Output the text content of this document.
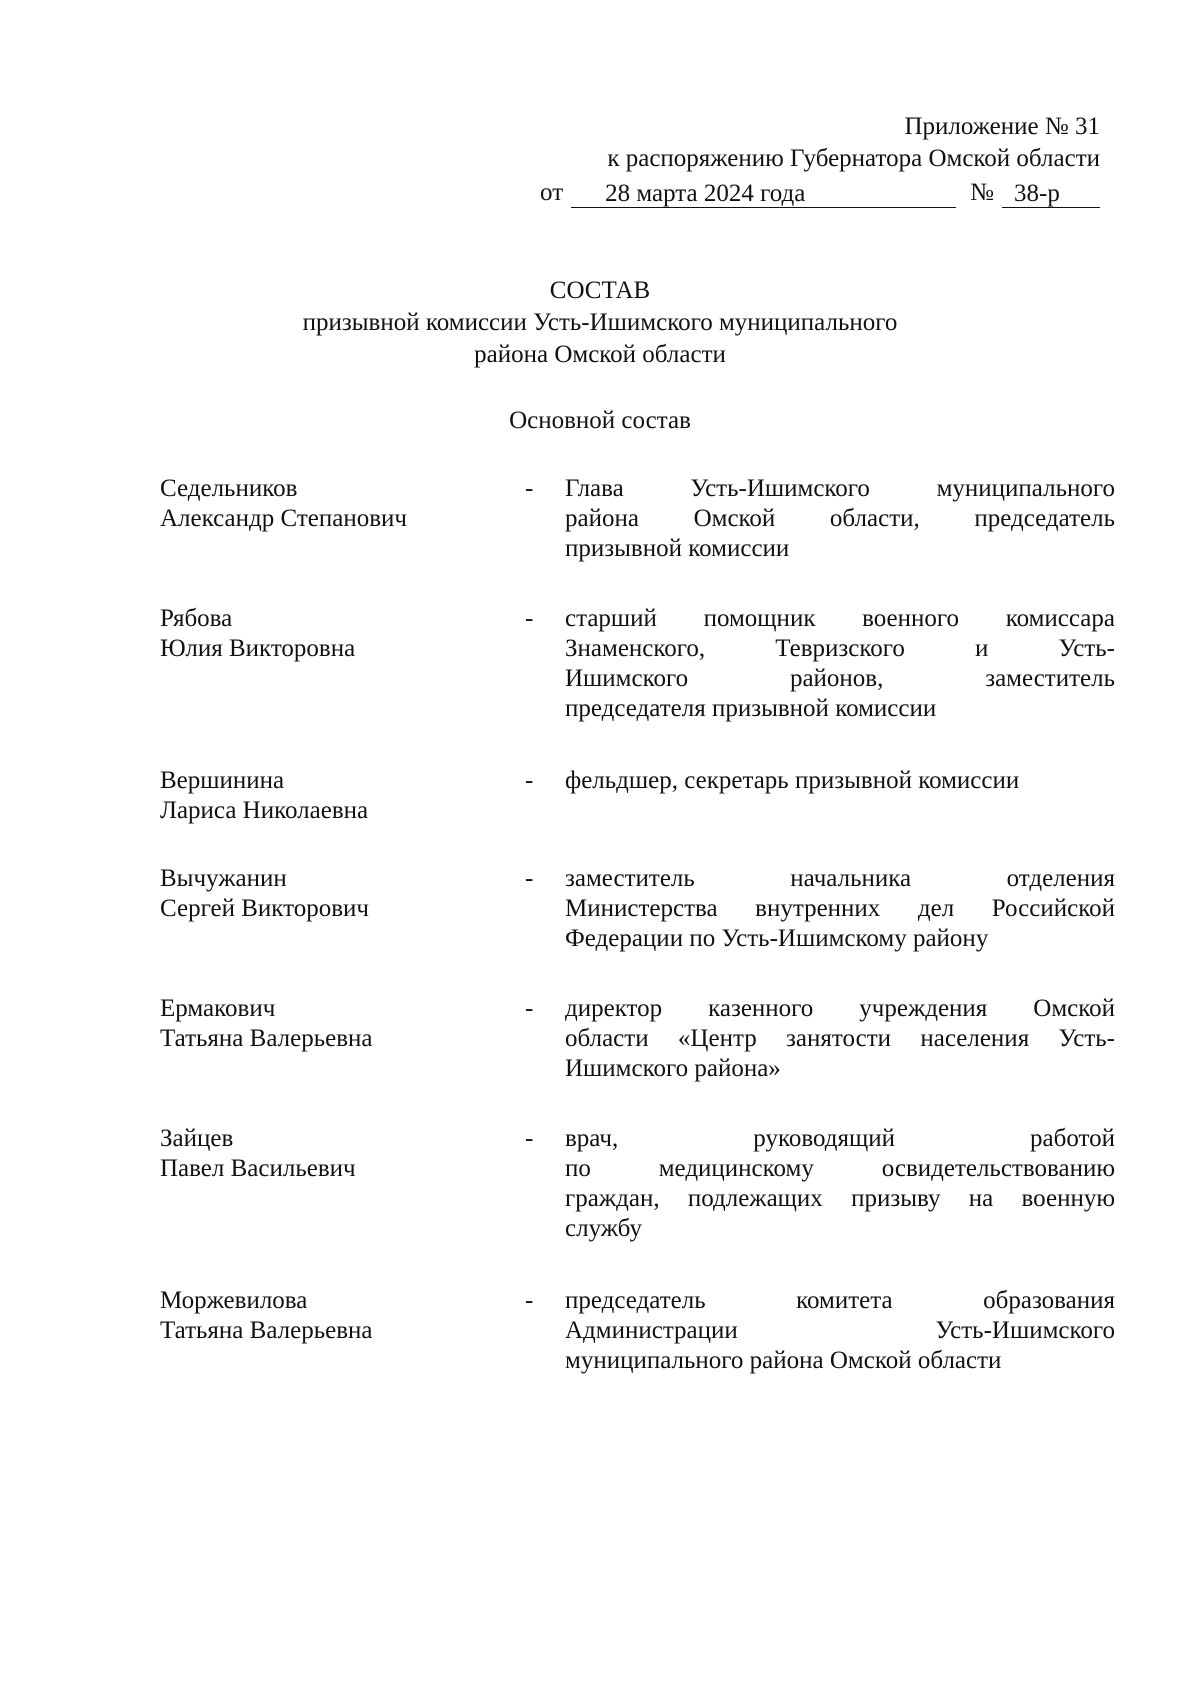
Приложение № 31
к распоряжению Губернатора Омской области
от	28 марта 2024 года	№ 38-р
СОСТАВ
призывной комиссии Усть-Ишимского муниципального
района Омской области
Основной состав
Седельников
Александр Степанович
- Глава Усть-Ишимского муниципального
района Омской области, председатель
призывной комиссии
Рябова
Юлия Викторовна
- старший помощник военного комиссара
Знаменского, Тевризского и Усть-
Ишимского районов, заместитель
председателя призывной комиссии
Вершинина
Лариса Николаевна
- фельдшер, секретарь призывной комиссии
Вычужанин
Сергей Викторович
- заместитель начальника отделения
Министерства внутренних дел Российской
Федерации по Усть-Ишимскому району
Ермакович
Татьяна Валерьевна
- директор казенного учреждения Омской
области «Центр занятости населения Усть-
Ишимского района»
Зайцев
Павел Васильевич
- врач, руководящий работой
по медицинскому освидетельствованию
граждан, подлежащих призыву на военную
службу
Моржевилова
Татьяна Валерьевна
- председатель комитета образования
Администрации Усть-Ишимского
муниципального района Омской области
